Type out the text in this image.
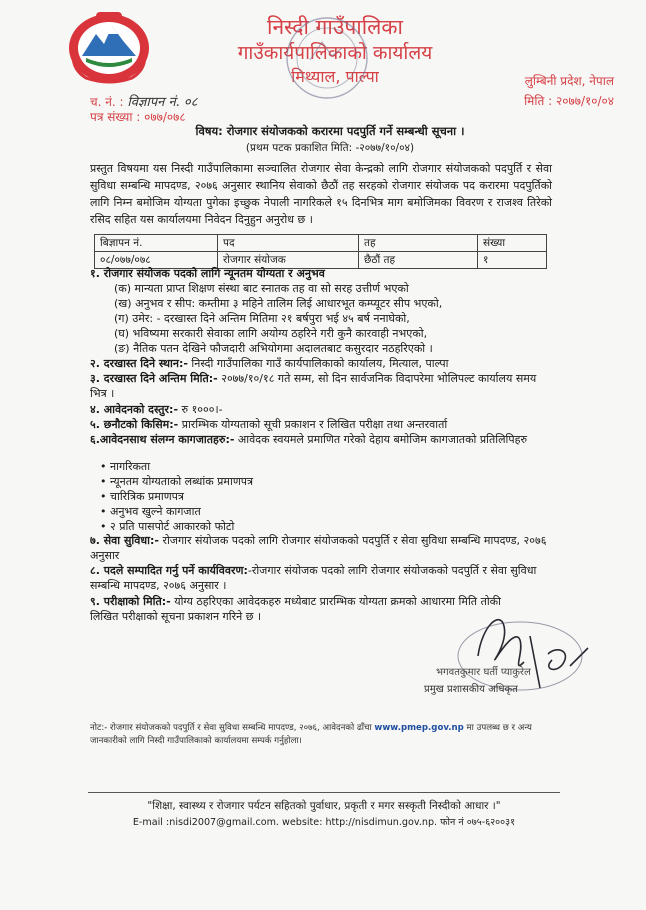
निस्दी गाउँपालिका
गाउँकार्यपालिकाको कार्यालय
मिथ्याल, पाल्पा	लुम्बिनी प्रदेश, नेपाल
मिति : २०७७/१०/०४
च. नं. : विज्ञापन नं. ०८
पत्र संख्या : ०७७/०७८
विषय: रोजगार संयोजकको करारमा पदपुर्ति गर्ने सम्बन्धी सूचना ।
(प्रथम पटक प्रकाशित मिति: -२०७७/१०/०४)
प्रस्तुत विषयमा यस निस्दी गाउँपालिकामा सञ्चालित रोजगार सेवा केन्द्रको लागि रोजगार संयोजकको पदपुर्ति र सेवा सुविधा सम्बन्धि मापदण्ड, २०७६ अनुसार स्थानिय सेवाको छैठौं तह सरहको रोजगार संयोजक पद करारमा पदपुर्तिको लागि निम्न बमोजिम योग्यता पुगेका इच्छुक नेपाली नागरिकले १५ दिनभित्र माग बमोजिमका विवरण र राजश्व तिरेको रसिद सहित यस कार्यालयमा निवेदन दिनुहुन अनुरोध छ ।
बिज्ञापन नं.	पद	तह	संख्या
०८/०७७/०७८	रोजगार संयोजक	छैठौं तह	१
१. रोजगार संयोजक पदको लागि न्यूनतम योग्यता र अनुभव
(क) मान्यता प्राप्त शिक्षण संस्था बाट स्नातक तह वा सो सरह उत्तीर्ण भएको
(ख) अनुभव र सीप: कम्तीमा ३ महिने तालिम लिई आधारभूत कम्प्यूटर सीप भएको,
(ग) उमेर: - दरखास्त दिने अन्तिम मितिमा २१ बर्षपुरा भई ४५ बर्ष ननाघेको,
(घ) भविष्यमा सरकारी सेवाका लागि अयोग्य ठहरिने गरी कुनै कारवाही नभएको,
(ङ) नैतिक पतन देखिने फौजदारी अभियोगमा अदालतबाट कसुरदार नठहरिएको ।
२. दरखास्त दिने स्थान:- निस्दी गाउँपालिका गाउँ कार्यपालिकाको कार्यालय, मित्याल, पाल्पा
३. दरखास्त दिने अन्तिम मिति:- २०७७/१०/१८ गते सम्म, सो दिन सार्वजनिक विदापरेमा भोलिपल्ट कार्यालय समय भित्र ।
४. आवेदनको दस्तुर:- रु १०००।-
५. छनौटको किसिम:- प्रारम्भिक योग्यताको सूची प्रकाशन र लिखित परीक्षा तथा अन्तरवार्ता
६.आवेदनसाथ संलग्न कागजातहरु:- आवेदक स्वयमले प्रमाणित गरेको देहाय बमोजिम कागजातको प्रतिलिपिहरु
• नागरिकता
• न्यूनतम योग्यताको लब्धांक प्रमाणपत्र
• चारित्रिक प्रमाणपत्र
• अनुभव खुल्ने कागजात
• २ प्रति पासपोर्ट आकारको फोटो
७. सेवा सुविधा:- रोजगार संयोजक पदको लागि रोजगार संयोजकको पदपुर्ति र सेवा सुविधा सम्बन्धि मापदण्ड, २०७६ अनुसार
८. पदले सम्पादित गर्नु पर्ने कार्यविवरण:-रोजगार संयोजक पदको लागि रोजगार संयोजकको पदपुर्ति र सेवा सुविधा सम्बन्धि मापदण्ड, २०७६ अनुसार ।
९. परीक्षाको मिति:- योग्य ठहरिएका आवेदकहरु मध्येबाट प्रारम्भिक योग्यता क्रमको आधारमा मिति तोकी लिखित परीक्षाको सूचना प्रकाशन गरिने छ ।
भगवतकुमार घर्ती प्याकुरेल
प्रमुख प्रशासकीय अधिकृत
नोट:- रोजगार संयोजकको पदपुर्ति र सेवा सुविधा सम्बन्धि मापदण्ड, २०७६, आवेदनको ढाँचा www.pmep.gov.np मा उपलब्ध छ र अन्य जानकारीको लागि निस्दी गाउँपालिकाको कार्यालयमा सम्पर्क गर्नुहोला।
"शिक्षा, स्वास्थ्य र रोजगार पर्यटन सहितको पुर्वाधार, प्रकृती र मगर सस्कृती निस्दीको आधार ।"
E-mail :nisdi2007@gmail.com. website: http://nisdimun.gov.np. फोन नं ०७५-६२००३१
